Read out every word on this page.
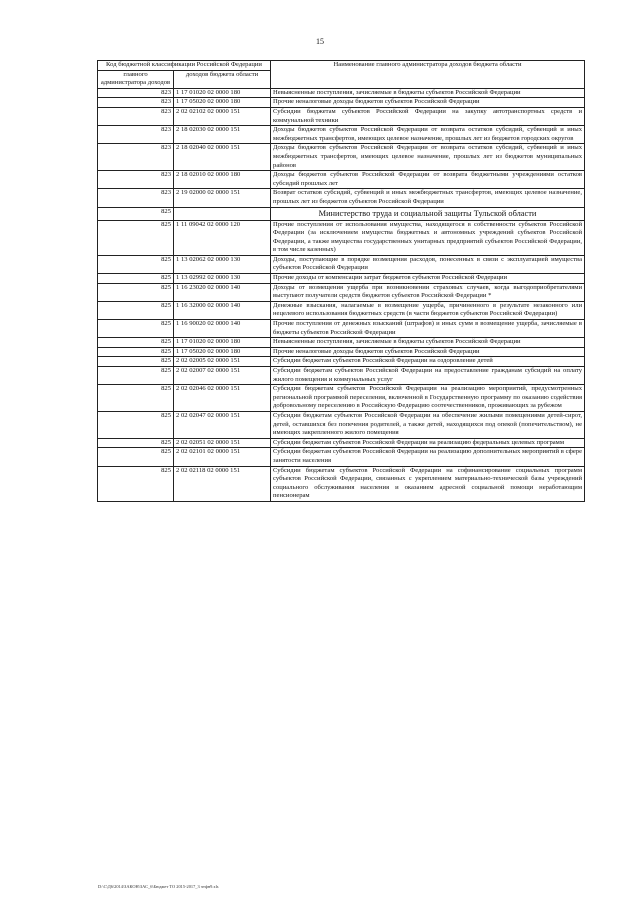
15
Код бюджетной классификации Российской Федерации		Наименование главного администратора доходов бюджета области
главного администратора доходов	доходов бюджета области	
823	1 17 01020 02 0000 180	Невыясненные поступления, зачисляемые в бюджеты субъектов Российской Федерации
823	1 17 05020 02 0000 180	Прочие неналоговые доходы бюджетов субъектов Российской Федерации
823	2 02 02102 02 0000 151	Субсидии бюджетам субъектов Российской Федерации на закупку автотранспортных средств и коммунальной техники
823	2 18 02030 02 0000 151	Доходы бюджетов субъектов Российской Федерации от возврата остатков субсидий, субвенций и иных межбюджетных трансфертов, имеющих целевое назначение, прошлых лет из бюджетов городских округов
823	2 18 02040 02 0000 151	Доходы бюджетов субъектов Российской Федерации от возврата остатков субсидий, субвенций и иных межбюджетных трансфертов, имеющих целевое назначение, прошлых лет из бюджетов муниципальных районов
823	2 18 02010 02 0000 180	Доходы бюджетов субъектов Российской Федерации от возврата бюджетными учреждениями остатков субсидий прошлых лет
823	2 19 02000 02 0000 151	Возврат остатков субсидий, субвенций и иных межбюджетных трансфертов, имеющих целевое назначение, прошлых лет из бюджетов субъектов Российской Федерации
825		Министерство труда и социальной защиты Тульской области
825	1 11 09042 02 0000 120	Прочие поступления от использования имущества, находящегося в собственности субъектов Российской Федерации (за исключением имущества бюджетных и автономных учреждений субъектов Российской Федерации, а также имущества государственных унитарных предприятий субъектов Российской Федерации, в том числе казенных)
825	1 13 02062 02 0000 130	Доходы, поступающие в порядке возмещения расходов, понесенных в связи с эксплуатацией имущества субъектов Российской Федерации
825	1 13 02992 02 0000 130	Прочие доходы от компенсации затрат бюджетов субъектов Российской Федерации
825	1 16 23020 02 0000 140	Доходы от возмещения ущерба при возникновении страховых случаев, когда выгодоприобретателями выступают получатели средств бюджетов субъектов Российской Федерации *
825	1 16 32000 02 0000 140	Денежные взыскания, налагаемые в возмещение ущерба, причиненного в результате незаконного или нецелевого использования бюджетных средств (в части бюджетов субъектов Российской Федерации)
825	1 16 90020 02 0000 140	Прочие поступления от денежных взысканий (штрафов) и иных сумм в возмещение ущерба, зачисляемые в бюджеты субъектов Российской Федерации
825	1 17 01020 02 0000 180	Невыясненные поступления, зачисляемые в бюджеты субъектов Российской Федерации
825	1 17 05020 02 0000 180	Прочие неналоговые доходы бюджетов субъектов Российской Федерации
825	2 02 02005 02 0000 151	Субсидии бюджетам субъектов Российской Федерации на оздоровление детей
825	2 02 02007 02 0000 151	Субсидии бюджетам субъектов Российской Федерации на предоставление гражданам субсидий на оплату жилого помещения и коммунальных услуг
825	2 02 02046 02 0000 151	Субсидии бюджетам субъектов Российской Федерации на реализацию мероприятий, предусмотренных региональной программой переселения, включенной в Государственную программу по оказанию содействия добровольному переселению в Российскую Федерацию соотечественников, проживающих за рубежом
825	2 02 02047 02 0000 151	Субсидии бюджетам субъектов Российской Федерации на обеспечение жилыми помещениями детей-сирот, детей, оставшихся без попечения родителей, а также детей, находящихся под опекой (попечительством), не имеющих закрепленного жилого помещения
825	2 02 02051 02 0000 151	Субсидии бюджетам субъектов Российской Федерации на реализацию федеральных целевых программ
825	2 02 02101 02 0000 151	Субсидии бюджетам субъектов Российской Федерации на реализацию дополнительных мероприятий в сфере занятости населения
825	2 02 02118 02 0000 151	Субсидии бюджетам субъектов Российской Федерации на софинансирование социальных программ субъектов Российской Федерации, связанных с укреплением материально-технической базы учреждений социального обслуживания населения и оказанием адресной социальной помощи неработающим пенсионерам
D:\С\Д6\2014\ЗАКОН\ЗАС_6\Бюджет ТО 2015-2017_3 чтфн9.xls
